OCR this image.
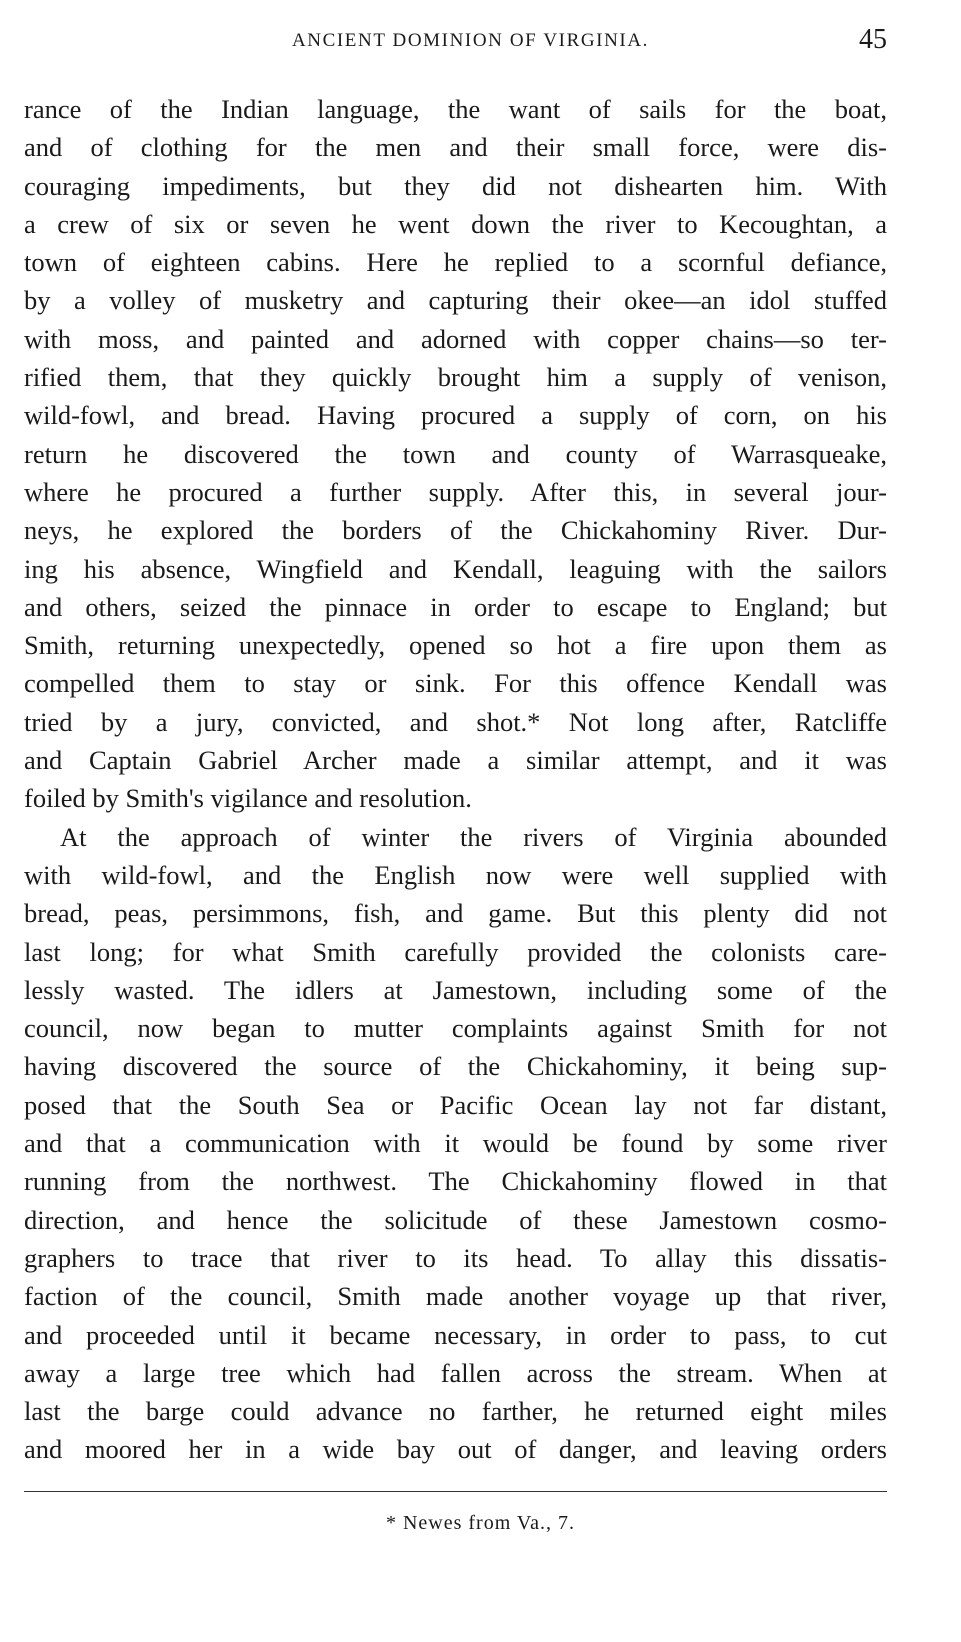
ANCIENT DOMINION OF VIRGINIA.	45
rance of the Indian language, the want of sails for the boat,
and of clothing for the men and their small force, were dis-
couraging impediments, but they did not dishearten him. With
a crew of six or seven he went down the river to Kecoughtan, a
town of eighteen cabins. Here he replied to a scornful defiance,
by a volley of musketry and capturing their okee—an idol stuffed
with moss, and painted and adorned with copper chains—so ter-
rified them, that they quickly brought him a supply of venison,
wild-fowl, and bread. Having procured a supply of corn, on his
return he discovered the town and county of Warrasqueake,
where he procured a further supply. After this, in several jour-
neys, he explored the borders of the Chickahominy River. Dur-
ing his absence, Wingfield and Kendall, leaguing with the sailors
and others, seized the pinnace in order to escape to England; but
Smith, returning unexpectedly, opened so hot a fire upon them as
compelled them to stay or sink. For this offence Kendall was
tried by a jury, convicted, and shot.* Not long after, Ratcliffe
and Captain Gabriel Archer made a similar attempt, and it was
foiled by Smith's vigilance and resolution.
At the approach of winter the rivers of Virginia abounded
with wild-fowl, and the English now were well supplied with
bread, peas, persimmons, fish, and game. But this plenty did not
last long; for what Smith carefully provided the colonists care-
lessly wasted. The idlers at Jamestown, including some of the
council, now began to mutter complaints against Smith for not
having discovered the source of the Chickahominy, it being sup-
posed that the South Sea or Pacific Ocean lay not far distant,
and that a communication with it would be found by some river
running from the northwest. The Chickahominy flowed in that
direction, and hence the solicitude of these Jamestown cosmo-
graphers to trace that river to its head. To allay this dissatis-
faction of the council, Smith made another voyage up that river,
and proceeded until it became necessary, in order to pass, to cut
away a large tree which had fallen across the stream. When at
last the barge could advance no farther, he returned eight miles
and moored her in a wide bay out of danger, and leaving orders
* Newes from Va., 7.
